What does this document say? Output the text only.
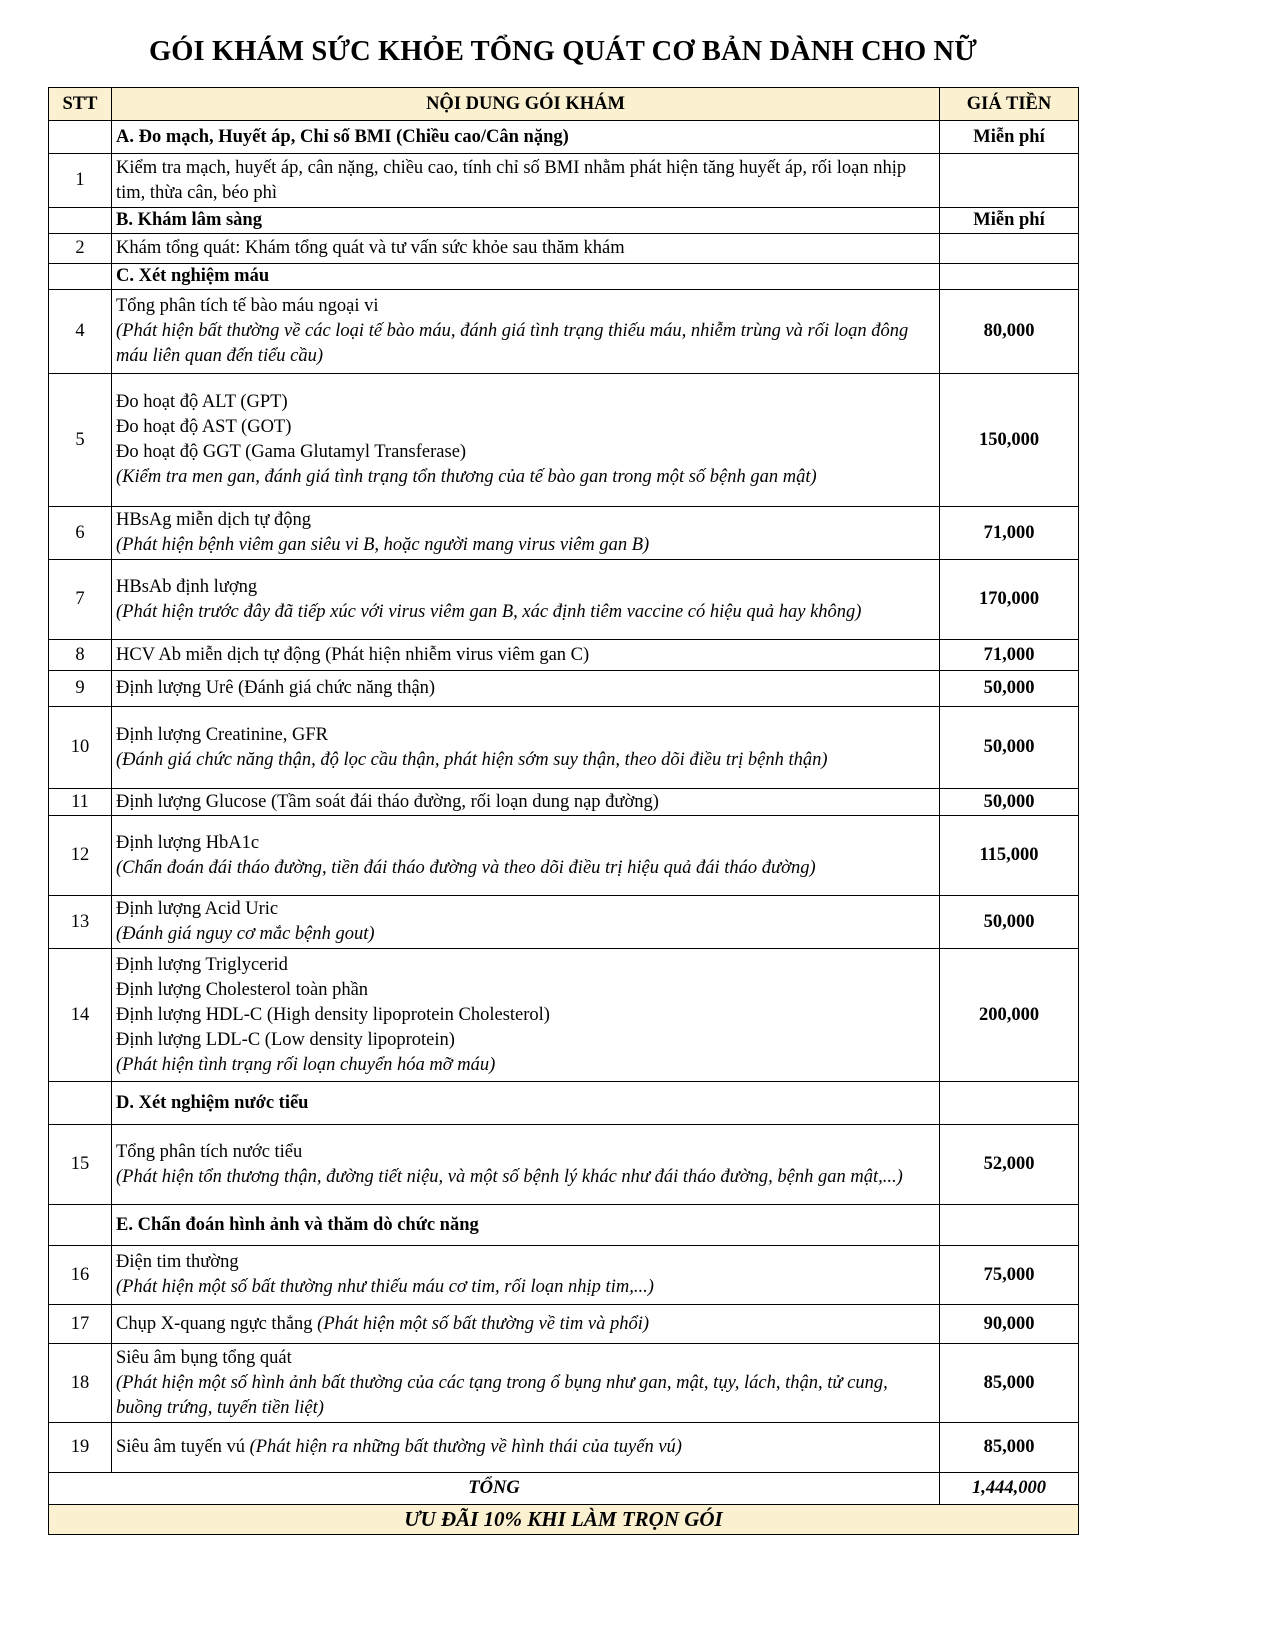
GÓI KHÁM SỨC KHỎE TỔNG QUÁT CƠ BẢN DÀNH CHO NỮ
STT	NỘI DUNG GÓI KHÁM	GIÁ TIỀN

	A. Đo mạch, Huyết áp, Chỉ số BMI (Chiều cao/Cân nặng)	Miễn phí
1	Kiểm tra mạch, huyết áp, cân nặng, chiều cao, tính chỉ số BMI nhằm phát hiện tăng huyết áp, rối loạn nhịp tim, thừa cân, béo phì	

	B. Khám lâm sàng	Miễn phí
2	Khám tổng quát: Khám tổng quát và tư vấn sức khỏe sau thăm khám	

	C. Xét nghiệm máu	

4	Tổng phân tích tế bào máu ngoại vi
(Phát hiện bất thường về các loại tế bào máu, đánh giá tình trạng thiếu máu, nhiễm trùng và rối loạn đông máu liên quan đến tiểu cầu)	80,000
5	Đo hoạt độ ALT (GPT)
Đo hoạt độ AST (GOT)
Đo hoạt độ GGT (Gama Glutamyl Transferase)
(Kiểm tra men gan, đánh giá tình trạng tổn thương của tế bào gan trong một số bệnh gan mật)	150,000
6	HBsAg miễn dịch tự động
(Phát hiện bệnh viêm gan siêu vi B, hoặc người mang virus viêm gan B)	71,000
7	HBsAb định lượng
(Phát hiện trước đây đã tiếp xúc với virus viêm gan B, xác định tiêm vaccine có hiệu quả hay không)	170,000
8	HCV Ab miễn dịch tự động (Phát hiện nhiễm virus viêm gan C)	71,000
9	Định lượng Urê (Đánh giá chức năng thận)	50,000
10	Định lượng Creatinine, GFR
(Đánh giá chức năng thận, độ lọc cầu thận, phát hiện sớm suy thận, theo dõi điều trị bệnh thận)	50,000
11	Định lượng Glucose (Tầm soát đái tháo đường, rối loạn dung nạp đường)	50,000
12	Định lượng HbA1c
(Chẩn đoán đái tháo đường, tiền đái tháo đường và theo dõi điều trị hiệu quả đái tháo đường)	115,000
13	Định lượng Acid Uric
(Đánh giá nguy cơ mắc bệnh gout)	50,000
14	Định lượng Triglycerid
Định lượng Cholesterol toàn phần
Định lượng HDL-C (High density lipoprotein Cholesterol)
Định lượng LDL-C (Low density lipoprotein)
(Phát hiện tình trạng rối loạn chuyển hóa mỡ máu)	200,000

	D. Xét nghiệm nước tiểu	

15	Tổng phân tích nước tiểu
(Phát hiện tổn thương thận, đường tiết niệu, và một số bệnh lý khác như đái tháo đường, bệnh gan mật,...)	52,000

	E. Chẩn đoán hình ảnh và thăm dò chức năng	

16	Điện tim thường
(Phát hiện một số bất thường như thiếu máu cơ tim, rối loạn nhịp tim,...)	75,000
17	Chụp X-quang ngực thẳng (Phát hiện một số bất thường về tim và phổi)	90,000
18	Siêu âm bụng tổng quát
(Phát hiện một số hình ảnh bất thường của các tạng trong ổ bụng như gan, mật, tụy, lách, thận, tử cung, buồng trứng, tuyến tiền liệt)	85,000
19	Siêu âm tuyến vú (Phát hiện ra những bất thường về hình thái của tuyến vú)	85,000
TỔNG		1,444,000
ƯU ĐÃI 10% KHI LÀM TRỌN GÓI		
